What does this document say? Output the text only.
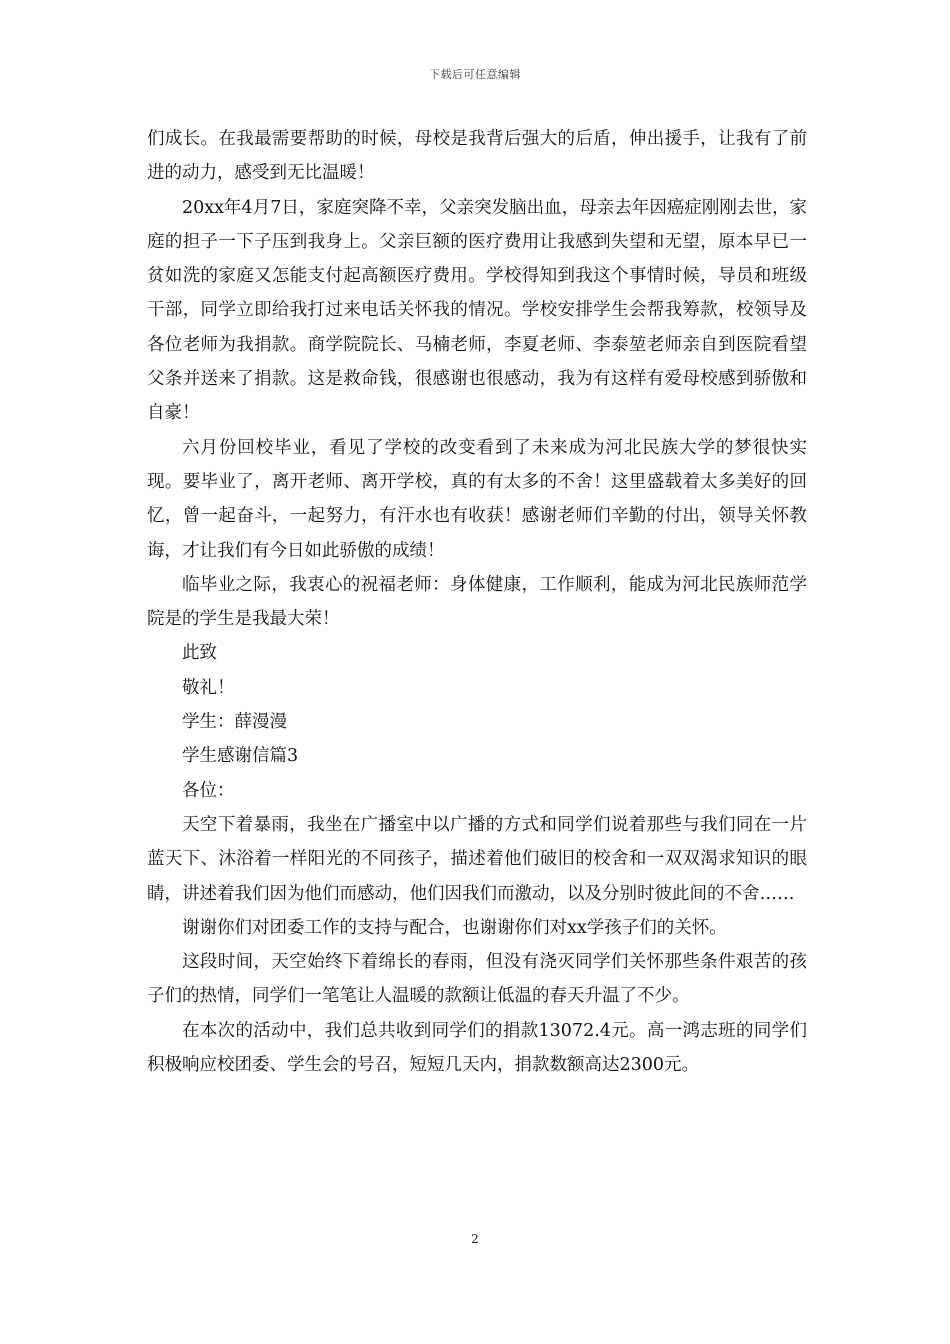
下载后可任意编辑

们成长。在我最需要帮助的时候，母校是我背后强大的后盾，伸出援手，让我有了前进的动力，感受到无比温暖！

20xx年4月7日，家庭突降不幸，父亲突发脑出血，母亲去年因癌症刚刚去世，家庭的担子一下子压到我身上。父亲巨额的医疗费用让我感到失望和无望，原本早已一贫如洗的家庭又怎能支付起高额医疗费用。学校得知到我这个事情时候，导员和班级干部，同学立即给我打过来电话关怀我的情况。学校安排学生会帮我筹款，校领导及各位老师为我捐款。商学院院长、马楠老师，李夏老师、李泰堃老师亲自到医院看望父条并送来了捐款。这是救命钱，很感谢也很感动，我为有这样有爱母校感到骄傲和自豪！

六月份回校毕业，看见了学校的改变看到了未来成为河北民族大学的梦很快实现。要毕业了，离开老师、离开学校，真的有太多的不舍！这里盛载着太多美好的回忆，曾一起奋斗，一起努力，有汗水也有收获！感谢老师们辛勤的付出，领导关怀教诲，才让我们有今日如此骄傲的成绩！

临毕业之际，我衷心的祝福老师：身体健康，工作顺利，能成为河北民族师范学院是的学生是我最大荣！

此致

敬礼！

学生：薛漫漫

学生感谢信篇3

各位：

天空下着暴雨，我坐在广播室中以广播的方式和同学们说着那些与我们同在一片蓝天下、沐浴着一样阳光的不同孩子，描述着他们破旧的校舍和一双双渴求知识的眼睛，讲述着我们因为他们而感动，他们因我们而激动，以及分别时彼此间的不舍……

谢谢你们对团委工作的支持与配合，也谢谢你们对xx学孩子们的关怀。

这段时间，天空始终下着绵长的春雨，但没有浇灭同学们关怀那些条件艰苦的孩子们的热情，同学们一笔笔让人温暖的款额让低温的春天升温了不少。

在本次的活动中，我们总共收到同学们的捐款13072.4元。高一鸿志班的同学们积极响应校团委、学生会的号召，短短几天内，捐款数额高达2300元。

2
